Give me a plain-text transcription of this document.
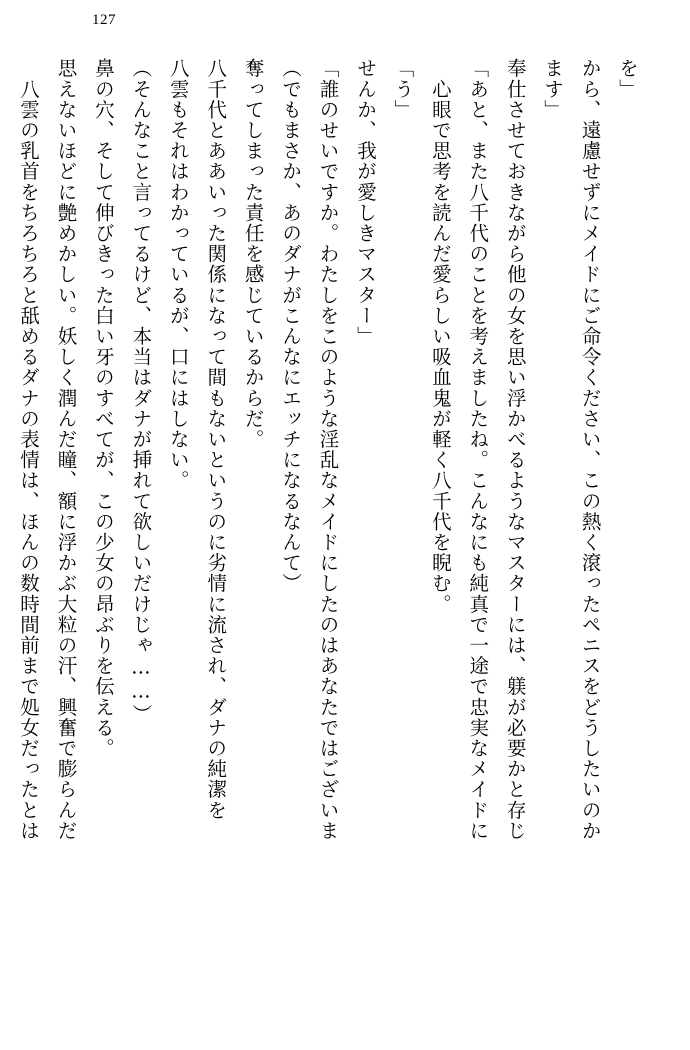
127

を」

から、遠慮せずにメイドにご命令ください、この熱く滾ったペニスをどうしたいのか

ます」

奉仕させておきながら他の女を思い浮かべるようなマスターには、躾が必要かと存じ

「あと、また八千代のことを考えましたね。こんなにも純真で一途で忠実なメイドに

　心眼で思考を読んだ愛らしい吸血鬼が軽く八千代を睨む。

「う」

せんか、我が愛しきマスター」

「誰のせいですか。わたしをこのような淫乱なメイドにしたのはあなたではございま

（でもまさか、あのダナがこんなにエッチになるなんて）

奪ってしまった責任を感じているからだ。

八千代とああいった関係になって間もないというのに劣情に流され、ダナの純潔を

八雲もそれはわかっているが、口にはしない。

（そんなこと言ってるけど、本当はダナが挿れて欲しいだけじゃ……）

鼻の穴、そして伸びきった白い牙のすべてが、この少女の昂ぶりを伝える。

思えないほどに艶めかしい。妖しく潤んだ瞳、額に浮かぶ大粒の汗、興奮で膨らんだ

　八雲の乳首をちろちろと舐めるダナの表情は、ほんの数時間前まで処女だったとは
